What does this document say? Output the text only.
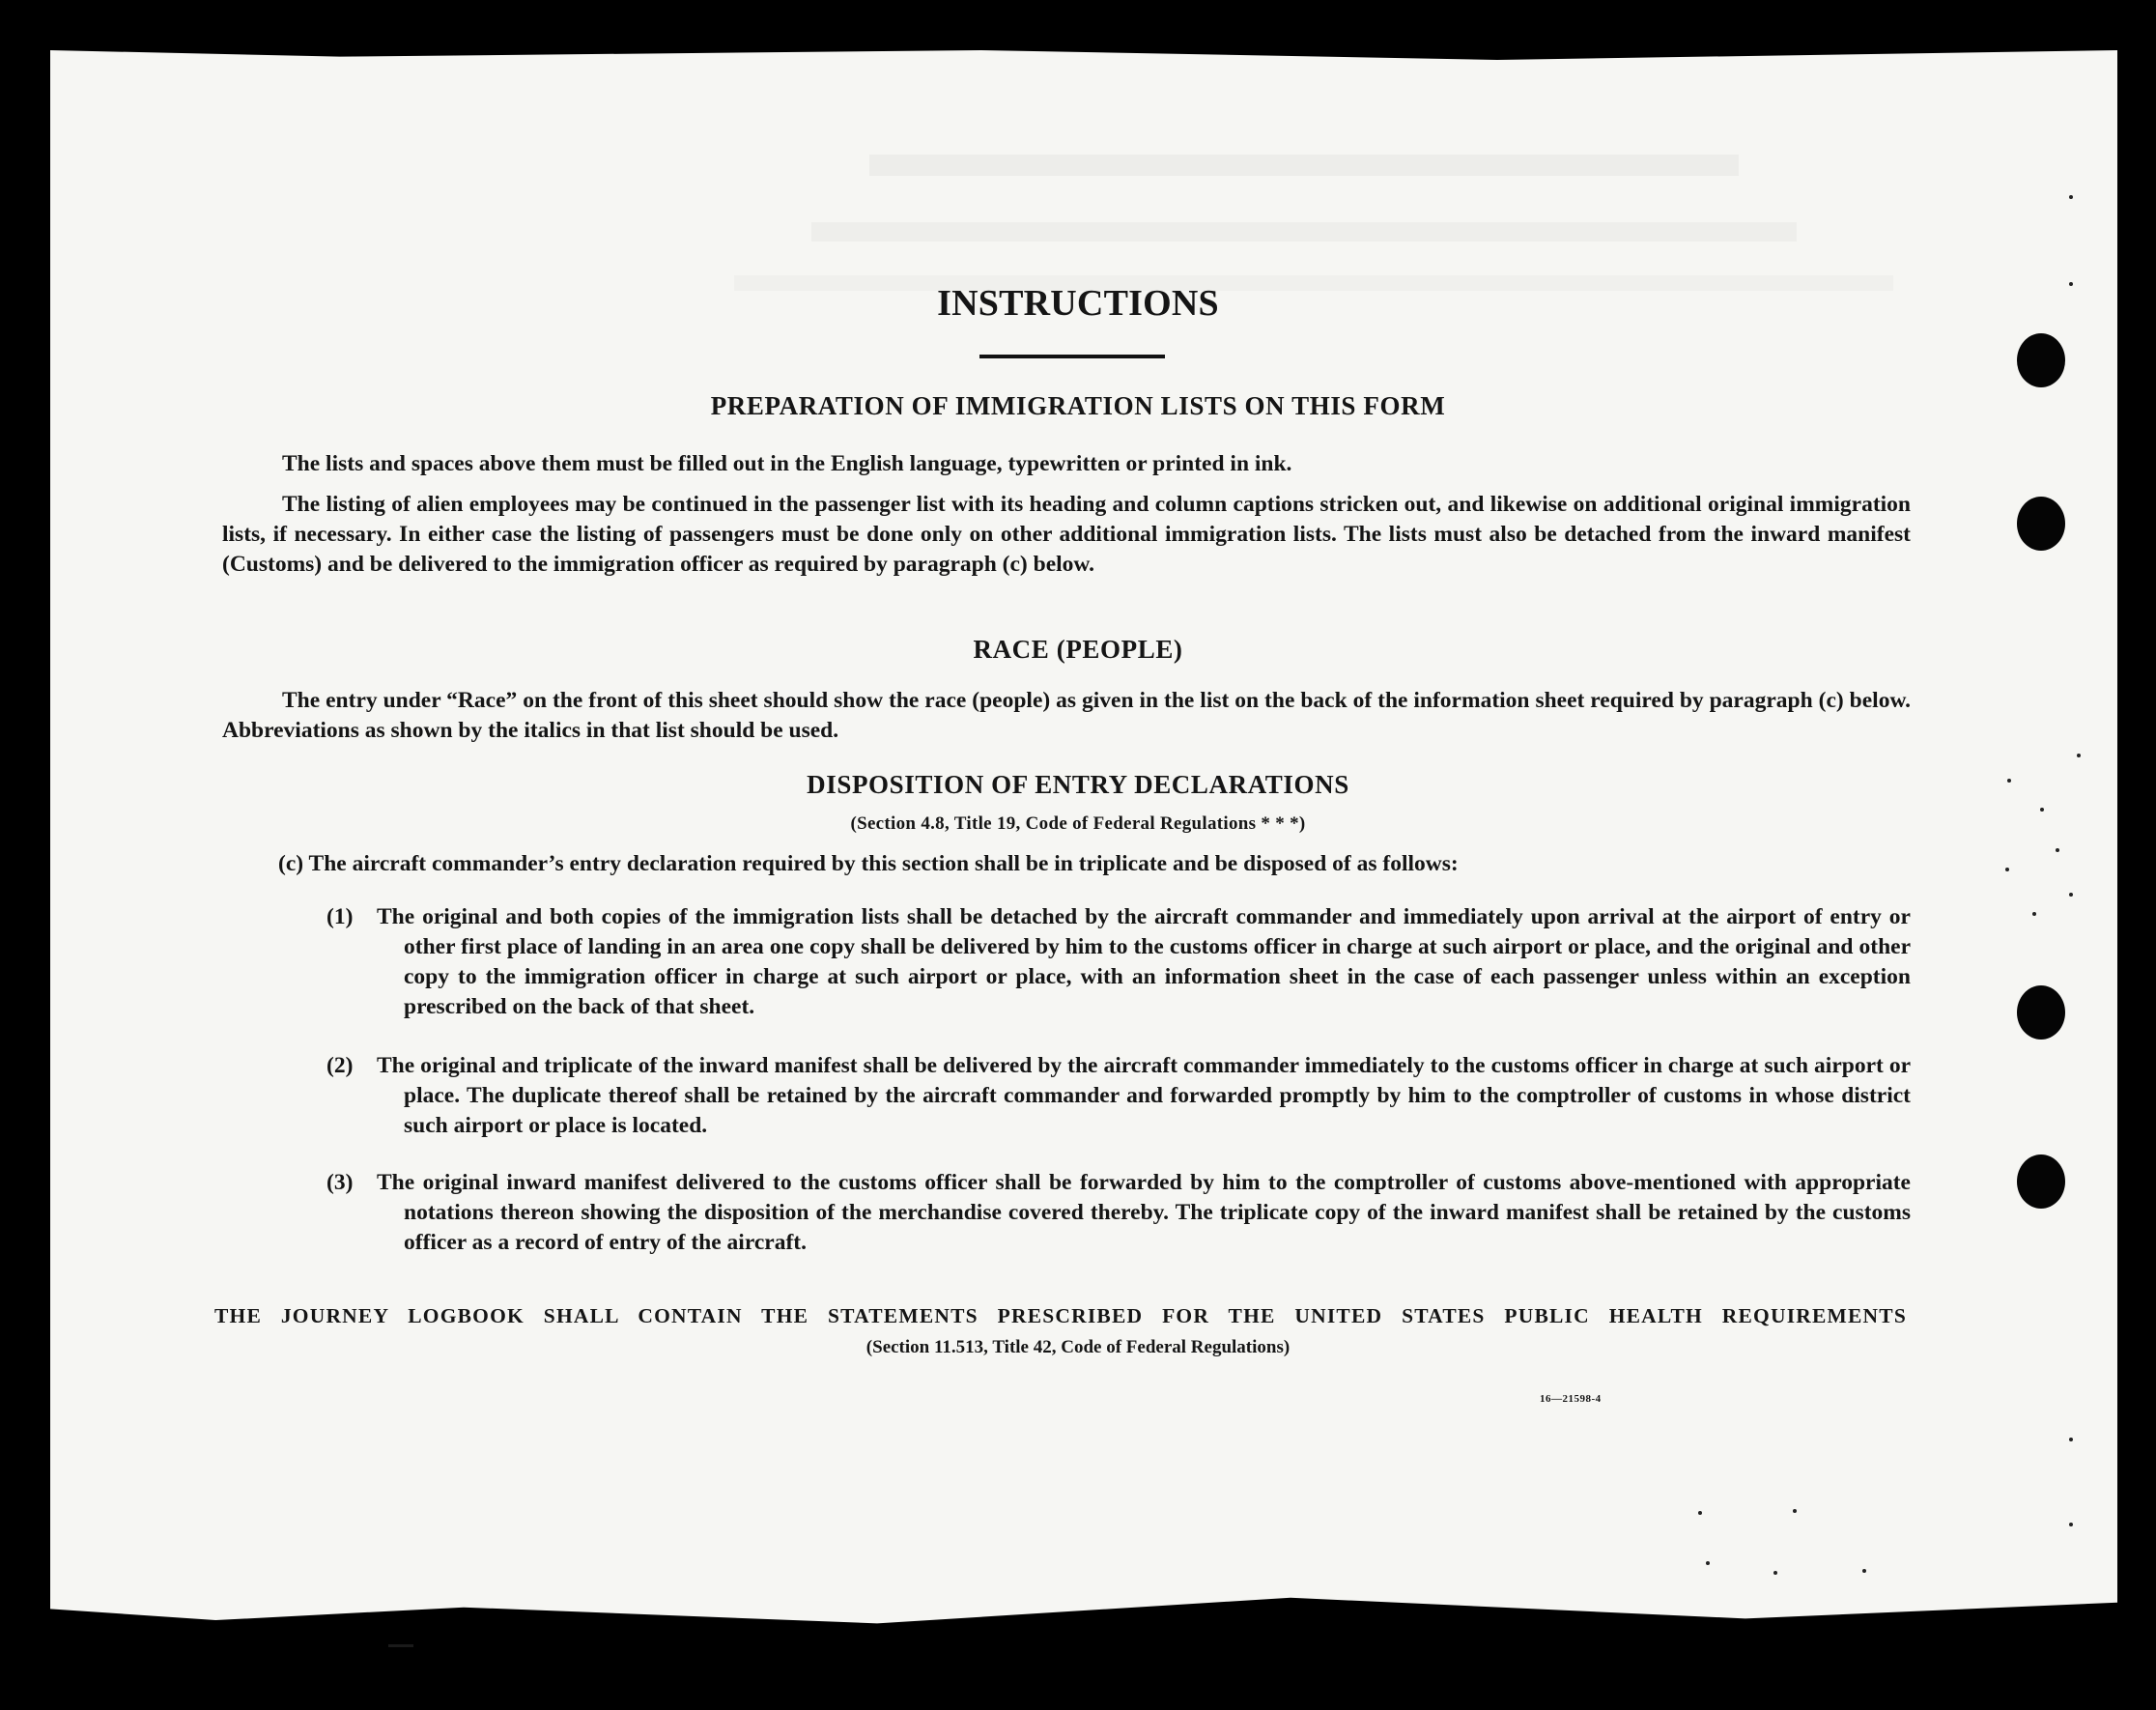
INSTRUCTIONS
PREPARATION OF IMMIGRATION LISTS ON THIS FORM

The lists and spaces above them must be filled out in the English language, typewritten or printed in ink.

The listing of alien employees may be continued in the passenger list with its heading and column captions stricken out, and likewise on additional original immigration lists, if necessary. In either case the listing of passengers must be done only on other additional immigration lists. The lists must also be detached from the inward manifest (Customs) and be delivered to the immigration officer as required by paragraph (c) below.

RACE (PEOPLE)

The entry under “Race” on the front of this sheet should show the race (people) as given in the list on the back of the information sheet required by paragraph (c) below. Abbreviations as shown by the italics in that list should be used.

DISPOSITION OF ENTRY DECLARATIONS
(Section 4.8, Title 19, Code of Federal Regulations * * *)

(c) The aircraft commander’s entry declaration required by this section shall be in triplicate and be disposed of as follows:

(1) The original and both copies of the immigration lists shall be detached by the aircraft commander and immediately upon arrival at the airport of entry or other first place of landing in an area one copy shall be delivered by him to the customs officer in charge at such airport or place, and the original and other copy to the immigration officer in charge at such airport or place, with an information sheet in the case of each passenger unless within an exception prescribed on the back of that sheet.

(2) The original and triplicate of the inward manifest shall be delivered by the aircraft commander immediately to the customs officer in charge at such airport or place. The duplicate thereof shall be retained by the aircraft commander and forwarded promptly by him to the comptroller of customs in whose district such airport or place is located.

(3) The original inward manifest delivered to the customs officer shall be forwarded by him to the comptroller of customs above-mentioned with appropriate notations thereon showing the disposition of the merchandise covered thereby. The triplicate copy of the inward manifest shall be retained by the customs officer as a record of entry of the aircraft.

THE JOURNEY LOGBOOK SHALL CONTAIN THE STATEMENTS PRESCRIBED FOR THE UNITED STATES PUBLIC HEALTH REQUIREMENTS
(Section 11.513, Title 42, Code of Federal Regulations)
16—21598-4
